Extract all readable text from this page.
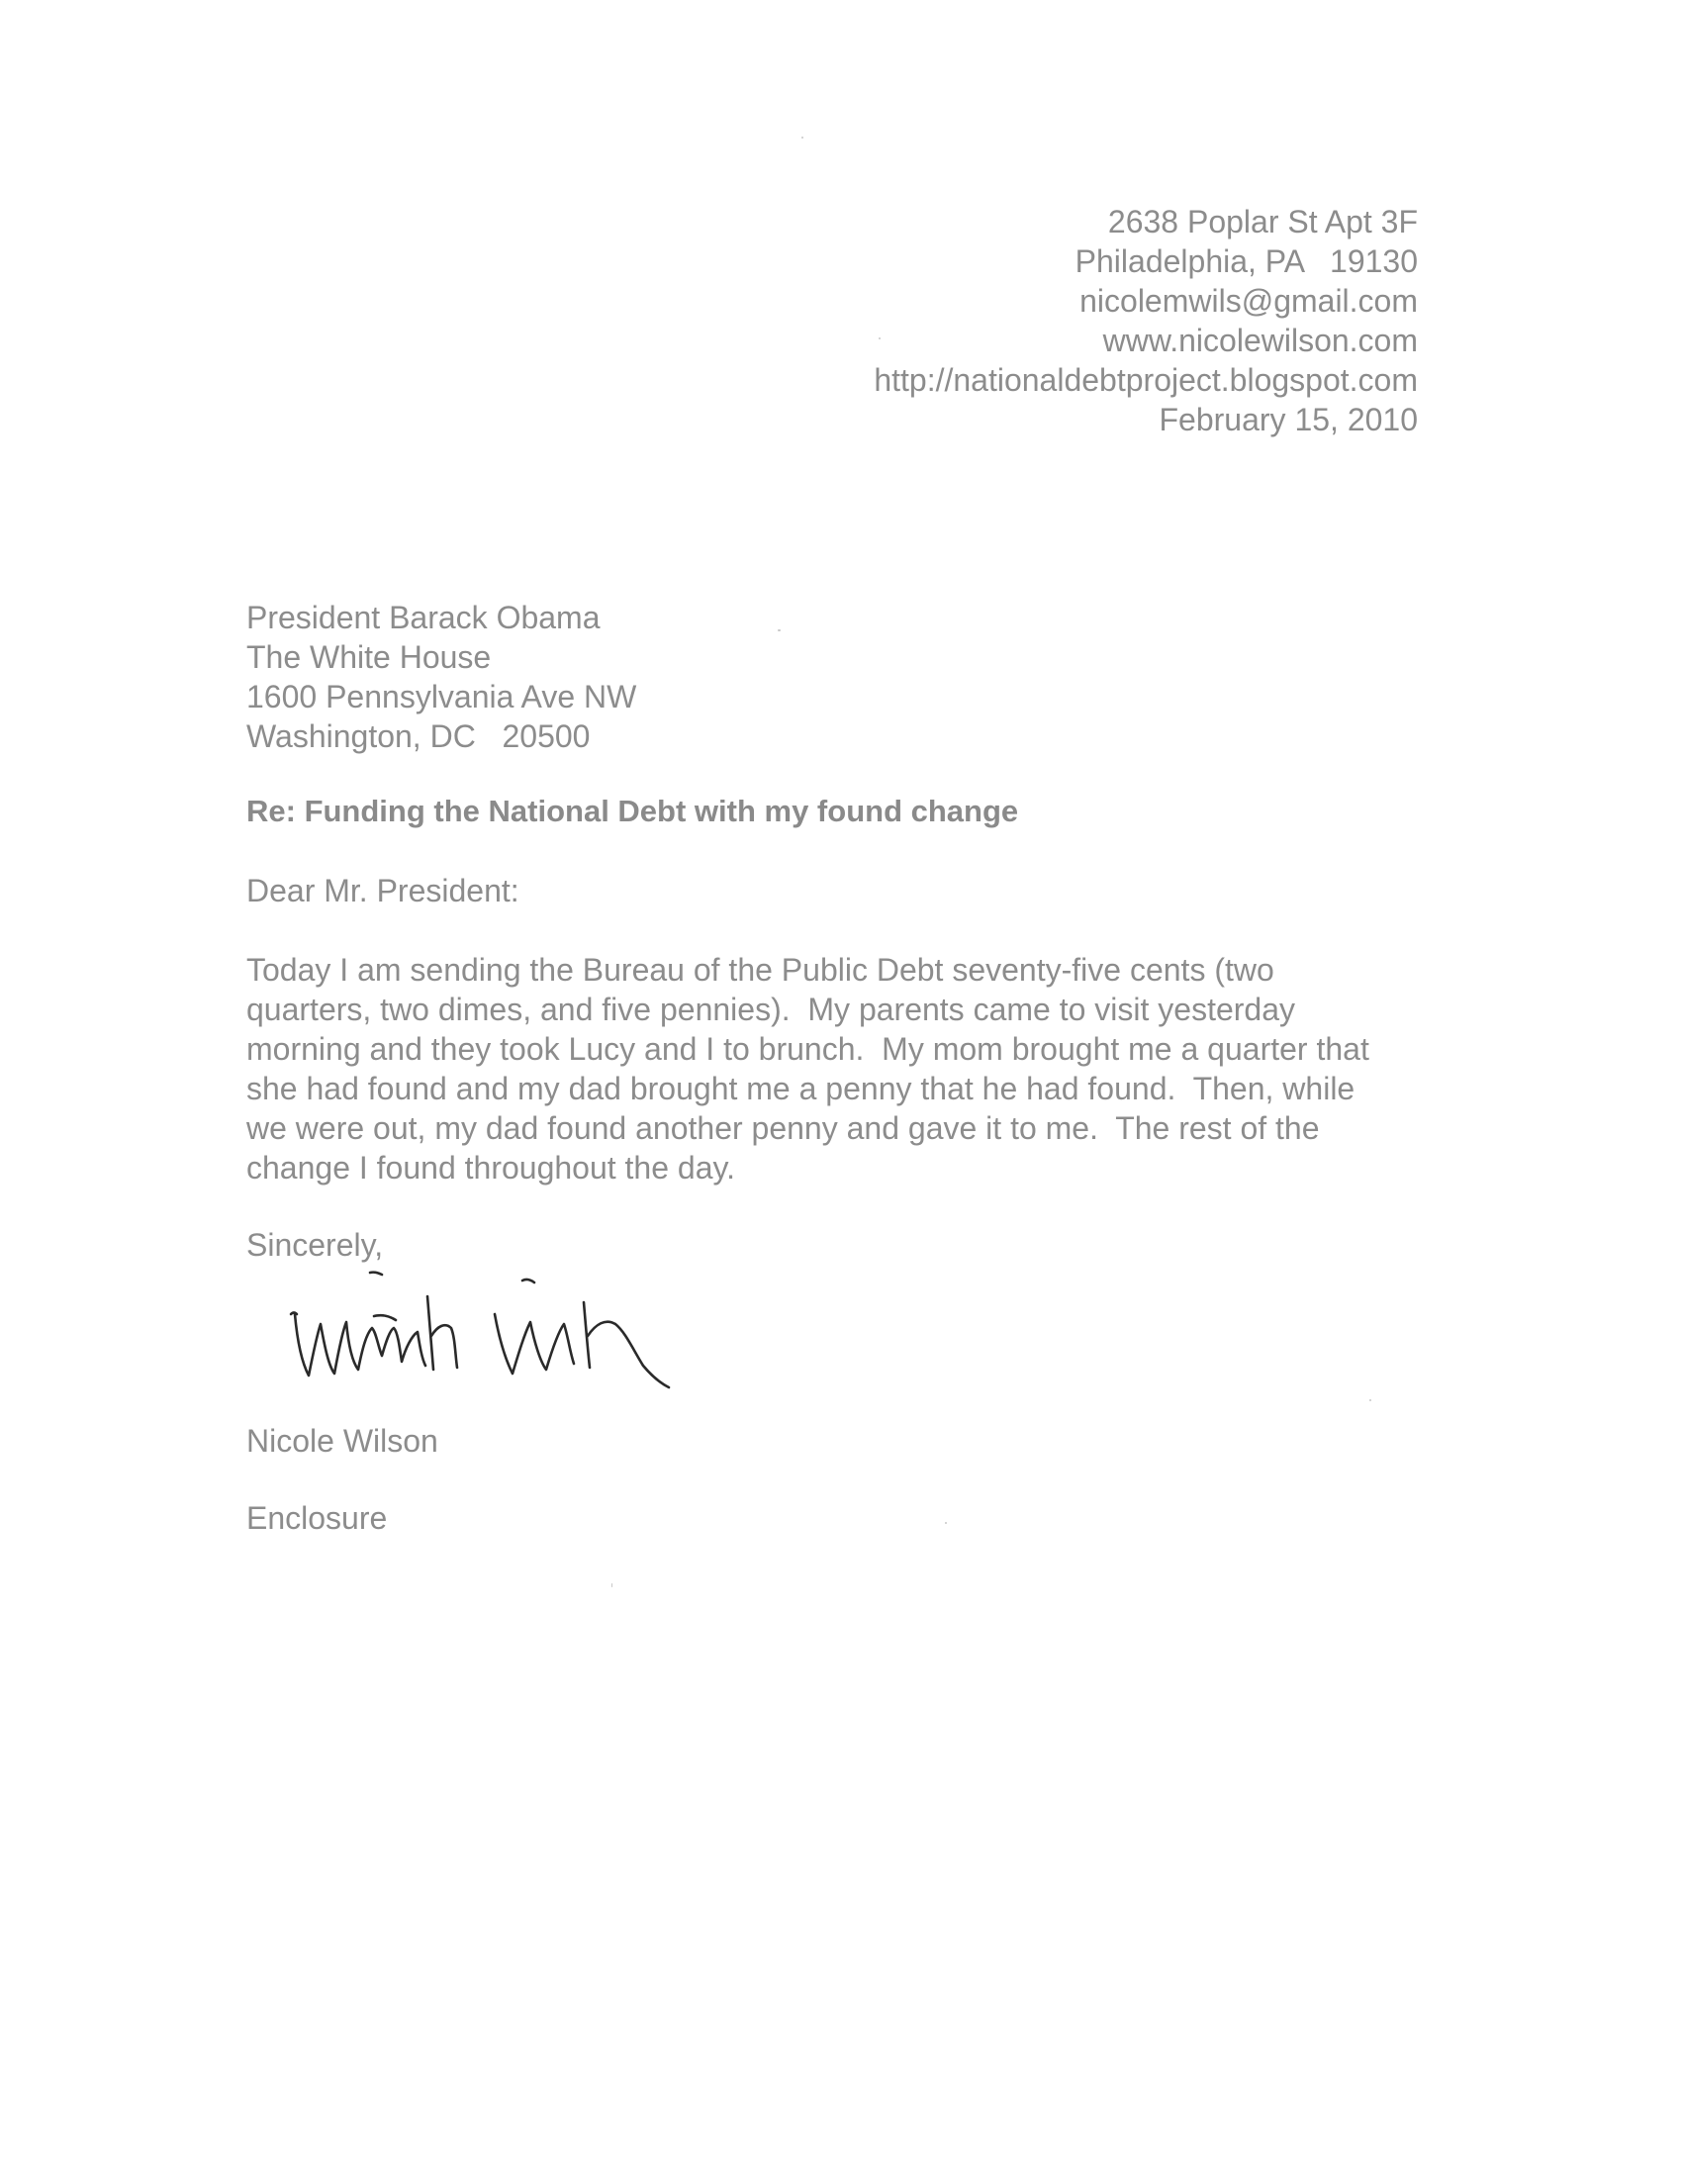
2638 Poplar St Apt 3F
Philadelphia, PA   19130
nicolemwils@gmail.com
www.nicolewilson.com
http://nationaldebtproject.blogspot.com
February 15, 2010
President Barack Obama
The White House
1600 Pennsylvania Ave NW
Washington, DC   20500
Re: Funding the National Debt with my found change
Dear Mr. President:
Today I am sending the Bureau of the Public Debt seventy-five cents (two
quarters, two dimes, and five pennies).  My parents came to visit yesterday
morning and they took Lucy and I to brunch.  My mom brought me a quarter that
she had found and my dad brought me a penny that he had found.  Then, while
we were out, my dad found another penny and gave it to me.  The rest of the
change I found throughout the day.
Sincerely,
Nicole Wilson
Enclosure
